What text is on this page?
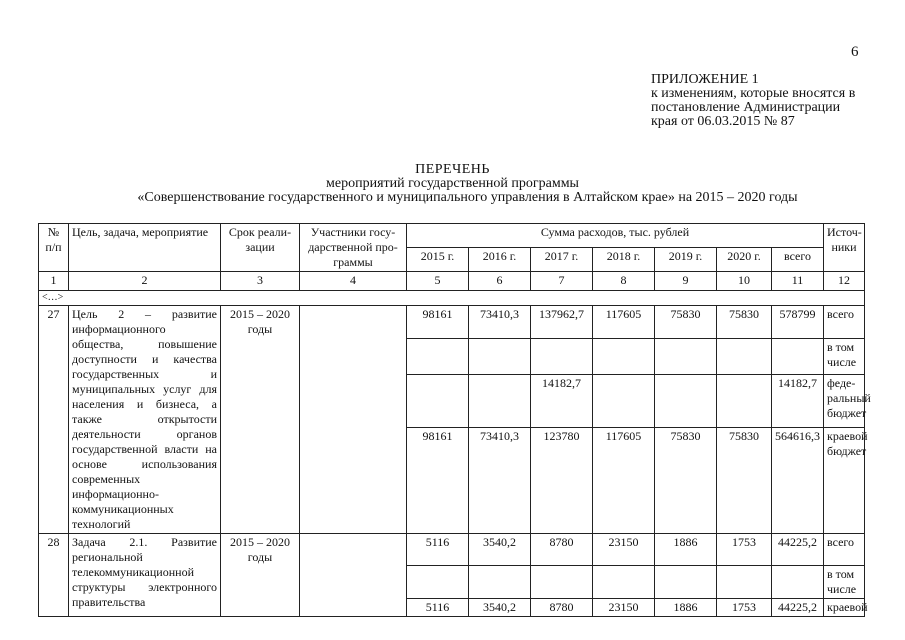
6
ПРИЛОЖЕНИЕ 1
к изменениям, которые вносятся в
постановление Администрации
края от 06.03.2015 № 87
ПЕРЕЧЕНЬ
мероприятий государственной программы
«Совершенствование государственного и муниципального управления в Алтайском крае» на 2015 – 2020 годы
№ п/п	Цель, задача, мероприятие	Срок реали-зации	Участники госу-дарственной про-граммы	Сумма расходов, тыс. рублей							Источ-ники
				2015 г.	2016 г.	2017 г.	2018 г.	2019 г.	2020 г.	всего	
1	2	3	4	5	6	7	8	9	10	11	12
<…>											
27	Цель 2 – развитие информационного общества, повышение доступности и качества государственных и муниципальных услуг для населения и бизнеса, а также открытости деятельности органов государственной власти на основе использования современных информационно-коммуникационных технологий	2015 – 2020 годы		98161	73410,3	137962,7	117605	75830	75830	578799	всего
											в том числе
						14182,7				14182,7	феде-ральный бюджет
				98161	73410,3	123780	117605	75830	75830	564616,3	краевой бюджет
28	Задача 2.1. Развитие региональной телекоммуникационной структуры электронного правительства	2015 – 2020 годы		5116	3540,2	8780	23150	1886	1753	44225,2	всего
											в том числе
				5116	3540,2	8780	23150	1886	1753	44225,2	краевой
